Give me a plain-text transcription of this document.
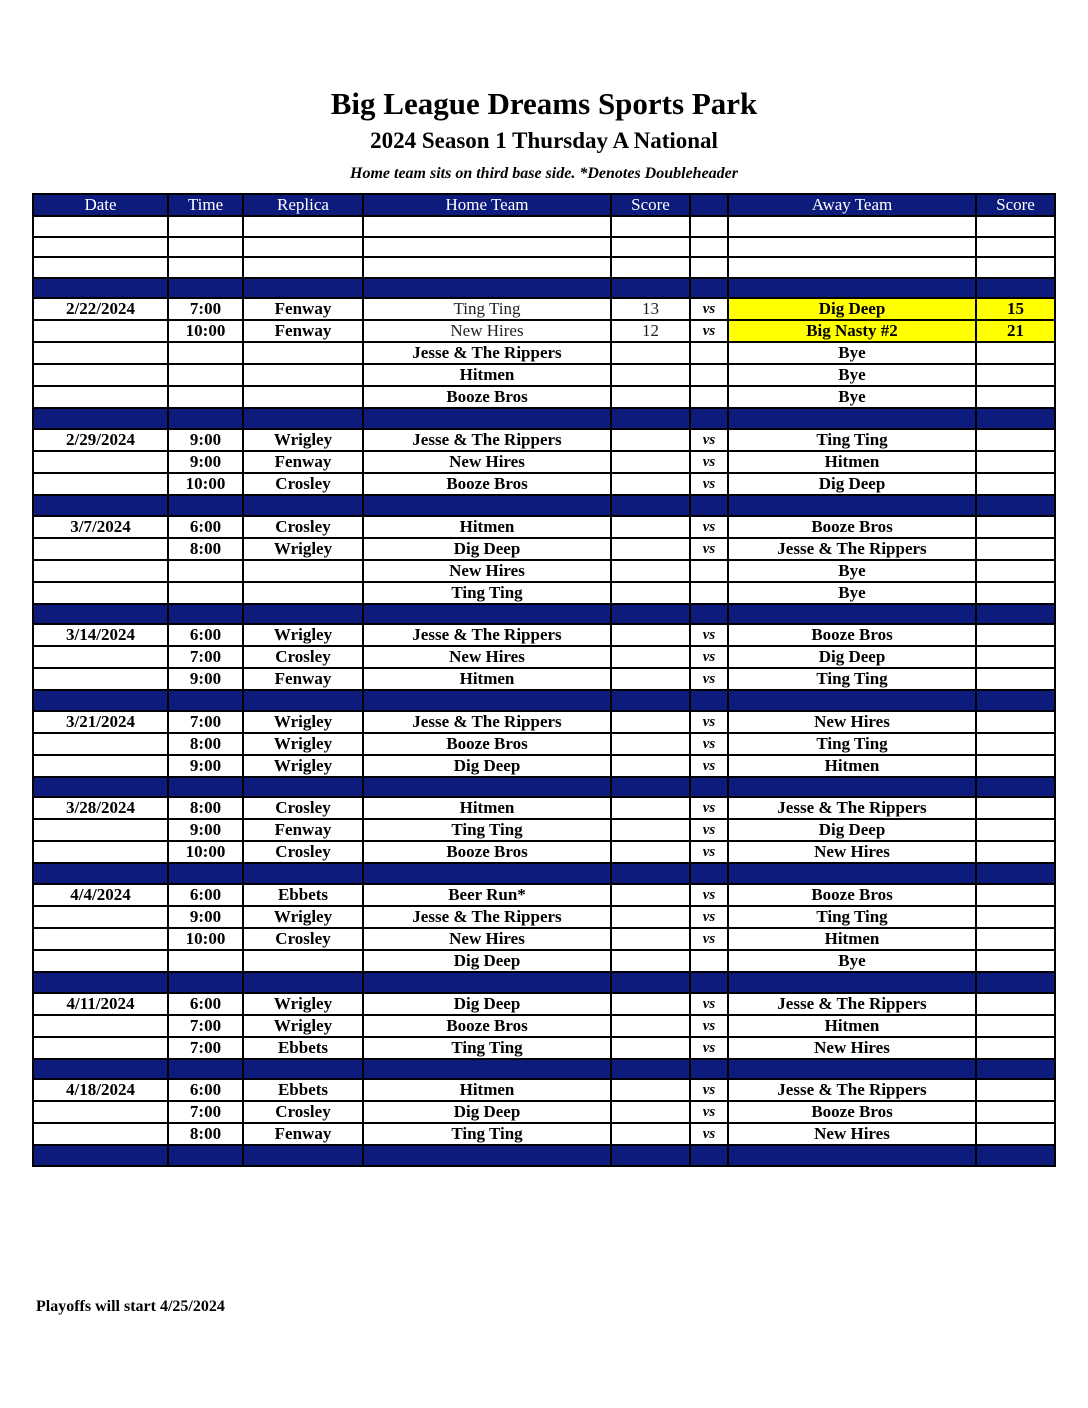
Big League Dreams Sports Park
2024 Season 1 Thursday A National
Home team sits on third base side. *Denotes Doubleheader
Date	Time	Replica	Home Team	Score		Away Team	Score

2/22/2024	7:00	Fenway	Ting Ting	13	vs	Dig Deep	15
	10:00	Fenway	New Hires	12	vs	Big Nasty #2	21
			Jesse & The Rippers			Bye	
			Hitmen			Bye	
			Booze Bros			Bye	

2/29/2024	9:00	Wrigley	Jesse & The Rippers		vs	Ting Ting	
	9:00	Fenway	New Hires		vs	Hitmen	
	10:00	Crosley	Booze Bros		vs	Dig Deep	

3/7/2024	6:00	Crosley	Hitmen		vs	Booze Bros	
	8:00	Wrigley	Dig Deep		vs	Jesse & The Rippers	
			New Hires			Bye	
			Ting Ting			Bye	

3/14/2024	6:00	Wrigley	Jesse & The Rippers		vs	Booze Bros	
	7:00	Crosley	New Hires		vs	Dig Deep	
	9:00	Fenway	Hitmen		vs	Ting Ting	

3/21/2024	7:00	Wrigley	Jesse & The Rippers		vs	New Hires	
	8:00	Wrigley	Booze Bros		vs	Ting Ting	
	9:00	Wrigley	Dig Deep		vs	Hitmen	

3/28/2024	8:00	Crosley	Hitmen		vs	Jesse & The Rippers	
	9:00	Fenway	Ting Ting		vs	Dig Deep	
	10:00	Crosley	Booze Bros		vs	New Hires	

4/4/2024	6:00	Ebbets	Beer Run*		vs	Booze Bros	
	9:00	Wrigley	Jesse & The Rippers		vs	Ting Ting	
	10:00	Crosley	New Hires		vs	Hitmen	
			Dig Deep			Bye	

4/11/2024	6:00	Wrigley	Dig Deep		vs	Jesse & The Rippers	
	7:00	Wrigley	Booze Bros		vs	Hitmen	
	7:00	Ebbets	Ting Ting		vs	New Hires	

4/18/2024	6:00	Ebbets	Hitmen		vs	Jesse & The Rippers	
	7:00	Crosley	Dig Deep		vs	Booze Bros	
	8:00	Fenway	Ting Ting		vs	New Hires	

Playoffs will start 4/25/2024
